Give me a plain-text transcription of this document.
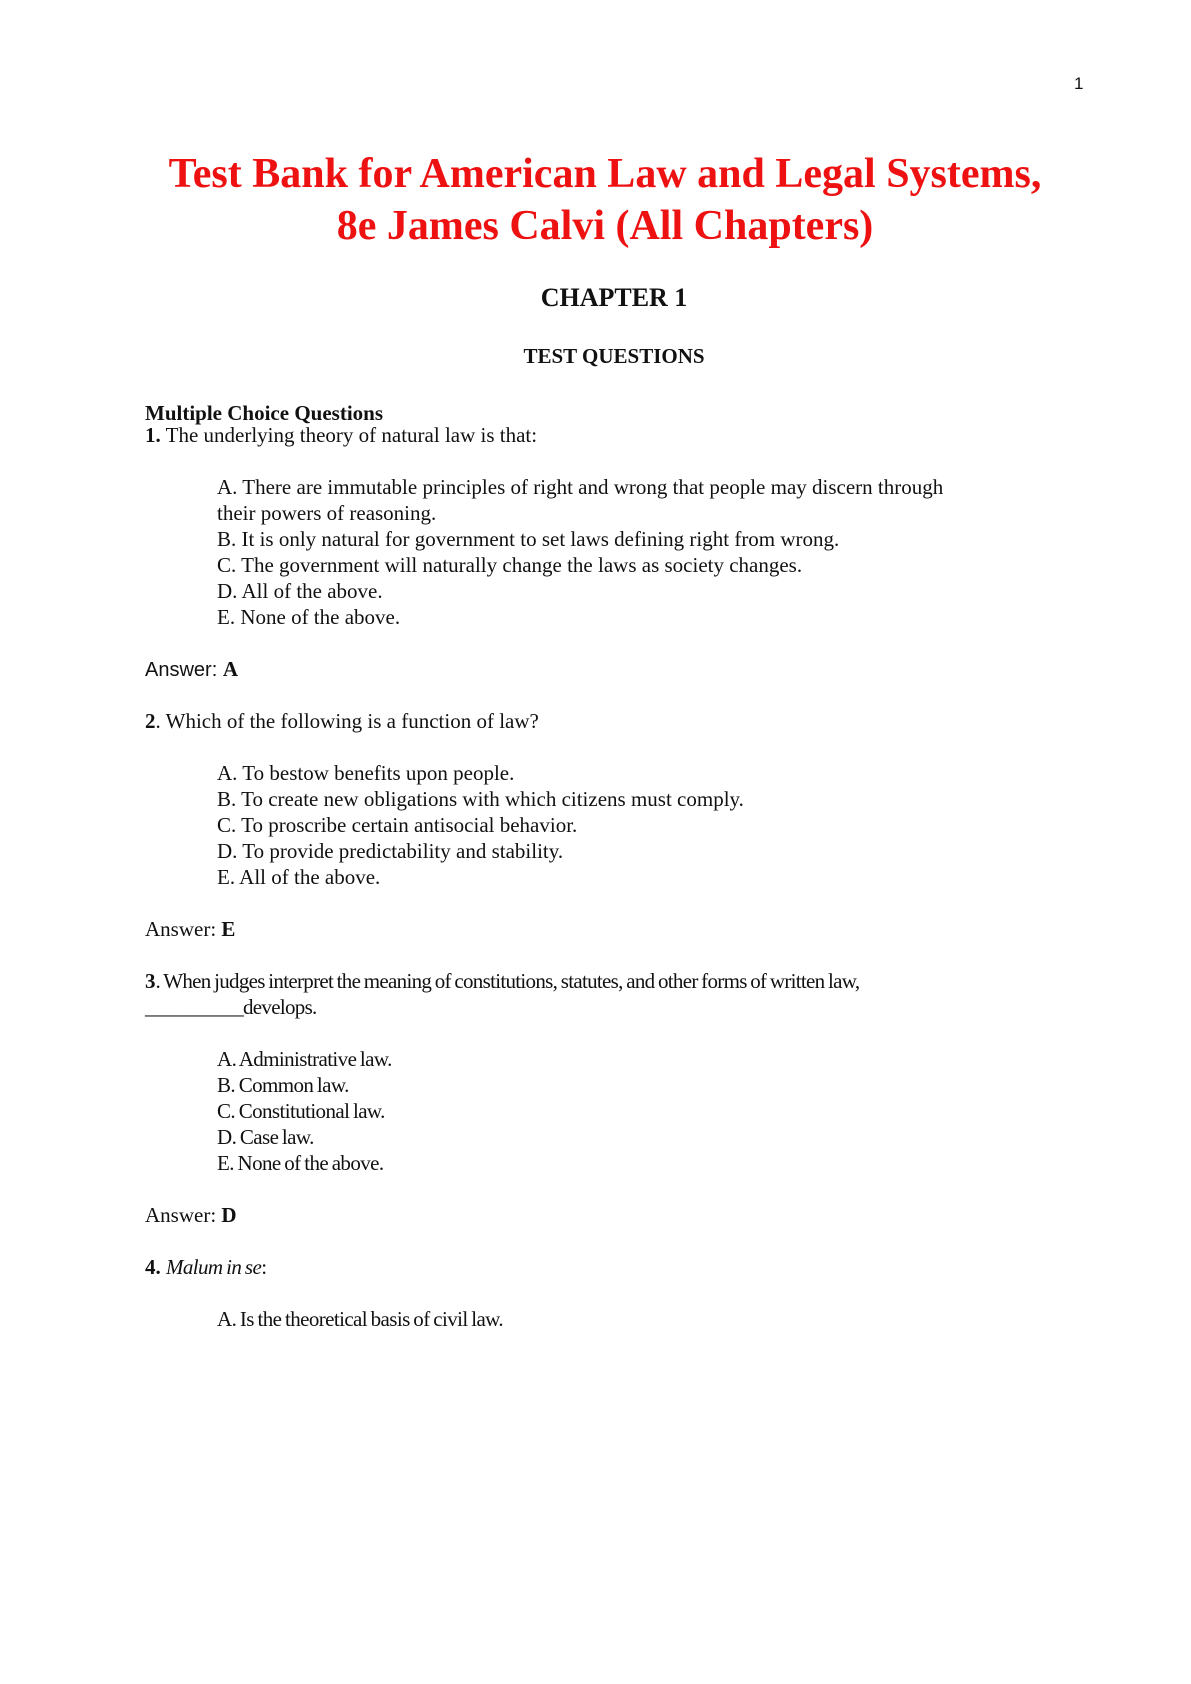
1
Test Bank for American Law and Legal Systems,
8e James Calvi (All Chapters)
CHAPTER 1
TEST QUESTIONS
Multiple Choice Questions
1. The underlying theory of natural law is that:
A. There are immutable principles of right and wrong that people may discern through
their powers of reasoning.
B. It is only natural for government to set laws defining right from wrong.
C. The government will naturally change the laws as society changes.
D. All of the above.
E. None of the above.
Answer: A
2. Which of the following is a function of law?
A. To bestow benefits upon people.
B. To create new obligations with which citizens must comply.
C. To proscribe certain antisocial behavior.
D. To provide predictability and stability.
E. All of the above.
Answer: E
3. When judges interpret the meaning of constitutions, statutes, and other forms of written law,
__________develops.
A. Administrative law.
B. Common law.
C. Constitutional law.
D. Case law.
E. None of the above.
Answer: D
4. Malum in se:
A. Is the theoretical basis of civil law.
